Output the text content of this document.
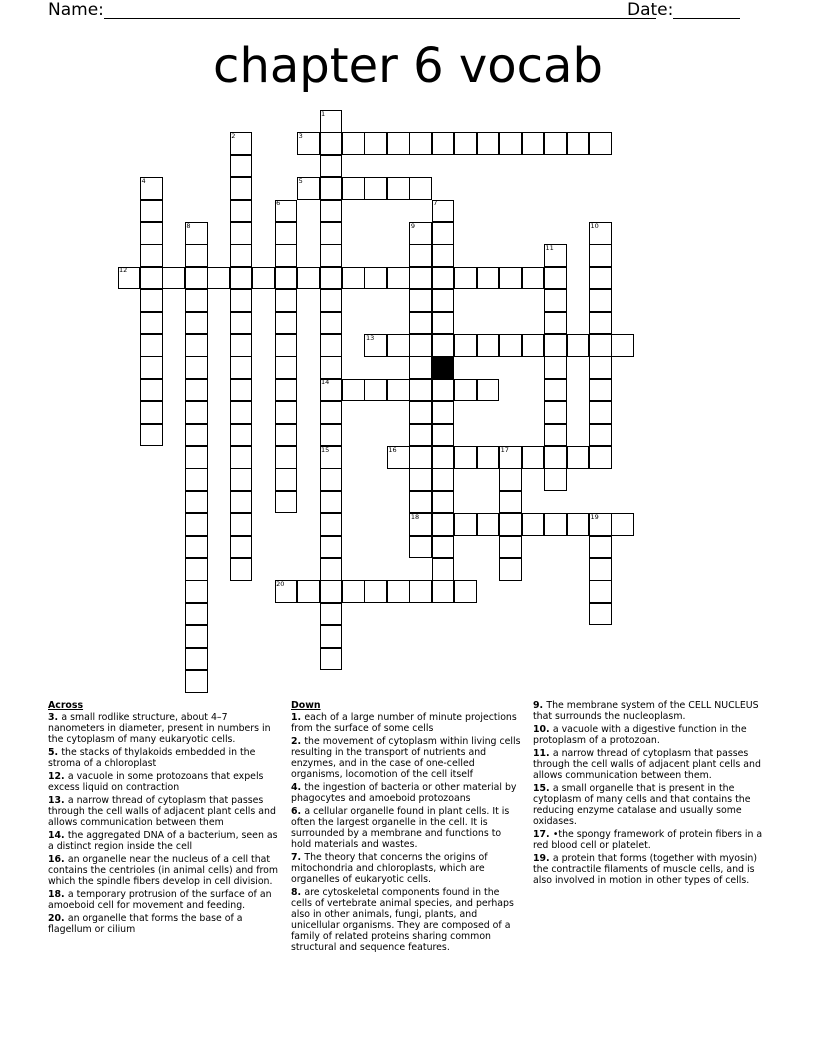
Name:	Date:
chapter 6 vocab
1
2	3
4	5
6	7
8	9	10
11
12
13
14
15	16	17
18	19
20
Across
3. a small rodlike structure, about 4–7 nanometers in diameter, present in numbers in the cytoplasm of many eukaryotic cells.
5. the stacks of thylakoids embedded in the stroma of a chloroplast
12. a vacuole in some protozoans that expels excess liquid on contraction
13. a narrow thread of cytoplasm that passes through the cell walls of adjacent plant cells and allows communication between them
14. the aggregated DNA of a bacterium, seen as a distinct region inside the cell
16. an organelle near the nucleus of a cell that contains the centrioles (in animal cells) and from which the spindle fibers develop in cell division.
18. a temporary protrusion of the surface of an amoeboid cell for movement and feeding.
20. an organelle that forms the base of a flagellum or cilium
Down
1. each of a large number of minute projections from the surface of some cells
2. the movement of cytoplasm within living cells resulting in the transport of nutrients and enzymes, and in the case of one-celled organisms, locomotion of the cell itself
4. the ingestion of bacteria or other material by phagocytes and amoeboid protozoans
6. a cellular organelle found in plant cells. It is often the largest organelle in the cell. It is surrounded by a membrane and functions to hold materials and wastes.
7. The theory that concerns the origins of mitochondria and chloroplasts, which are organelles of eukaryotic cells.
8. are cytoskeletal components found in the cells of vertebrate animal species, and perhaps also in other animals, fungi, plants, and unicellular organisms. They are composed of a family of related proteins sharing common structural and sequence features.
9. The membrane system of the CELL NUCLEUS that surrounds the nucleoplasm.
10. a vacuole with a digestive function in the protoplasm of a protozoan.
11. a narrow thread of cytoplasm that passes through the cell walls of adjacent plant cells and allows communication between them.
15. a small organelle that is present in the cytoplasm of many cells and that contains the reducing enzyme catalase and usually some oxidases.
17. •the spongy framework of protein fibers in a red blood cell or platelet.
19. a protein that forms (together with myosin) the contractile filaments of muscle cells, and is also involved in motion in other types of cells.
